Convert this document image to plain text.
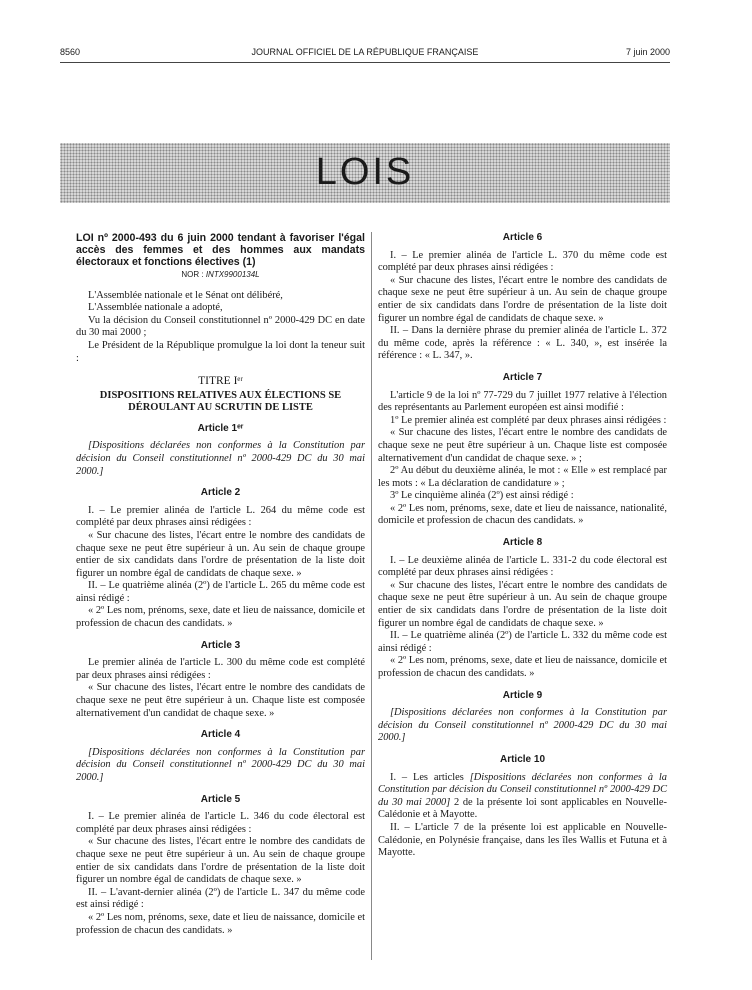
8560	JOURNAL OFFICIEL DE LA RÉPUBLIQUE FRANÇAISE	7 juin 2000
LOIS

LOI nº 2000-493 du 6 juin 2000 tendant à favoriser l'égal accès des femmes et des hommes aux mandats électoraux et fonctions électives (1)

NOR : INTX9900134L

L'Assemblée nationale et le Sénat ont délibéré,

L'Assemblée nationale a adopté,

Vu la décision du Conseil constitutionnel nº 2000-429 DC en date du 30 mai 2000 ;

Le Président de la République promulgue la loi dont la teneur suit :

TITRE Iᵉʳ

DISPOSITIONS RELATIVES AUX ÉLECTIONS SE DÉROULANT AU SCRUTIN DE LISTE

Article 1ᵉʳ

[Dispositions déclarées non conformes à la Constitution par décision du Conseil constitutionnel nº 2000-429 DC du 30 mai 2000.]

Article 2

I. – Le premier alinéa de l'article L. 264 du même code est complété par deux phrases ainsi rédigées :

« Sur chacune des listes, l'écart entre le nombre des candidats de chaque sexe ne peut être supérieur à un. Au sein de chaque groupe entier de six candidats dans l'ordre de présentation de la liste doit figurer un nombre égal de candidats de chaque sexe. »

II. – Le quatrième alinéa (2º) de l'article L. 265 du même code est ainsi rédigé :

« 2º Les nom, prénoms, sexe, date et lieu de naissance, domicile et profession de chacun des candidats. »

Article 3

Le premier alinéa de l'article L. 300 du même code est complété par deux phrases ainsi rédigées :

« Sur chacune des listes, l'écart entre le nombre des candidats de chaque sexe ne peut être supérieur à un. Chaque liste est composée alternativement d'un candidat de chaque sexe. »

Article 4

[Dispositions déclarées non conformes à la Constitution par décision du Conseil constitutionnel nº 2000-429 DC du 30 mai 2000.]

Article 5

I. – Le premier alinéa de l'article L. 346 du code électoral est complété par deux phrases ainsi rédigées :

« Sur chacune des listes, l'écart entre le nombre des candidats de chaque sexe ne peut être supérieur à un. Au sein de chaque groupe entier de six candidats dans l'ordre de présentation de la liste doit figurer un nombre égal de candidats de chaque sexe. »

II. – L'avant-dernier alinéa (2º) de l'article L. 347 du même code est ainsi rédigé :

« 2º Les nom, prénoms, sexe, date et lieu de naissance, domicile et profession de chacun des candidats. »

Article 6

I. – Le premier alinéa de l'article L. 370 du même code est complété par deux phrases ainsi rédigées :

« Sur chacune des listes, l'écart entre le nombre des candidats de chaque sexe ne peut être supérieur à un. Au sein de chaque groupe entier de six candidats dans l'ordre de présentation de la liste doit figurer un nombre égal de candidats de chaque sexe. »

II. – Dans la dernière phrase du premier alinéa de l'article L. 372 du même code, après la référence : « L. 340, », est insérée la référence : « L. 347, ».

Article 7

L'article 9 de la loi nº 77-729 du 7 juillet 1977 relative à l'élection des représentants au Parlement européen est ainsi modifié :

1º Le premier alinéa est complété par deux phrases ainsi rédigées :

« Sur chacune des listes, l'écart entre le nombre des candidats de chaque sexe ne peut être supérieur à un. Chaque liste est composée alternativement d'un candidat de chaque sexe. » ;

2º Au début du deuxième alinéa, le mot : « Elle » est remplacé par les mots : « La déclaration de candidature » ;

3º Le cinquième alinéa (2º) est ainsi rédigé :

« 2º Les nom, prénoms, sexe, date et lieu de naissance, nationalité, domicile et profession de chacun des candidats. »

Article 8

I. – Le deuxième alinéa de l'article L. 331-2 du code électoral est complété par deux phrases ainsi rédigées :

« Sur chacune des listes, l'écart entre le nombre des candidats de chaque sexe ne peut être supérieur à un. Au sein de chaque groupe entier de six candidats dans l'ordre de présentation de la liste doit figurer un nombre égal de candidats de chaque sexe. »

II. – Le quatrième alinéa (2º) de l'article L. 332 du même code est ainsi rédigé :

« 2º Les nom, prénoms, sexe, date et lieu de naissance, domicile et profession de chacun des candidats. »

Article 9

[Dispositions déclarées non conformes à la Constitution par décision du Conseil constitutionnel nº 2000-429 DC du 30 mai 2000.]

Article 10

I. – Les articles [Dispositions déclarées non conformes à la Constitution par décision du Conseil constitutionnel nº 2000-429 DC du 30 mai 2000] 2 de la présente loi sont applicables en Nouvelle-Calédonie et à Mayotte.

II. – L'article 7 de la présente loi est applicable en Nouvelle-Calédonie, en Polynésie française, dans les îles Wallis et Futuna et à Mayotte.
